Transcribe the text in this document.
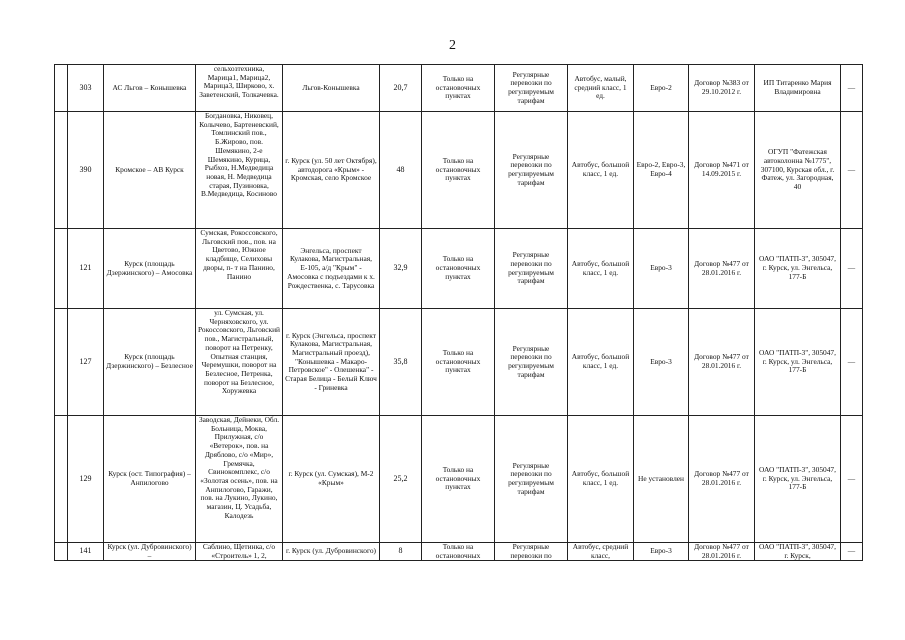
2
	303	АС Льгов – Конышевка	сельхозтехника, Марица1, Марица2, Марица3, Ширково, х. Заветенский, Толкачевка.	Льгов-Конышевка	20,7	Только на остановочных пунктах	Регулярные перевозки по регулируемым тарифам	Автобус, малый, средний класс, 1 ед.	Евро-2	Договор №383 от 29.10.2012 г.	ИП Титаренко Мария Владимировна	—
	390	Кромское – АВ Курск	Богдановка, Никовец, Колычево, Бартеневский, Томлинский пов., Б.Жирово, пов. Шемякино, 2-е Шемякино, Курица, Рыбхоз, Н.Медведица новая, Н. Медведица старая, Пузиновка, В.Медведица, Косиново	г. Курск (ул. 50 лет Октября), автодорога «Крым» - Кромская, село Кромское	48	Только на остановочных пунктах	Регулярные перевозки по регулируемым тарифам	Автобус, большой класс, 1 ед.	Евро-2, Евро-3, Евро-4	Договор №471 от 14.09.2015 г.	ОГУП "Фатежская автоколонна №1775", 307100, Курская обл., г. Фатеж, ул. Загородная, 40	—
	121	Курск (площадь Дзержинского) – Амосовка	Сумская, Рокоссовского, Льговский пов., пов. на Цветово, Южное кладбище, Селиховы дворы, п- т на Панино, Панино	Энгельса, проспект Кулакова, Магистральная, Е-105, а/д "Крым" - Амосовка с подъездами к х. Рождественка, с. Тарусовка	32,9	Только на остановочных пунктах	Регулярные перевозки по регулируемым тарифам	Автобус, большой класс, 1 ед.	Евро-3	Договор №477 от 28.01.2016 г.	ОАО "ПАТП-3", 305047, г. Курск, ул. Энгельса, 177-Б	—
	127	Курск (площадь Дзержинского) – Безлесное	ул. Сумская, ул. Черняховского, ул. Рокоссовского, Льговский пов., Магистральный, поворот на Петренку, Опытная станция, Черемушки, поворот на Безлесное, Петренка, поворот на Безлесное, Хоружевка	г. Курск (Энгельса, проспект Кулакова, Магистральная, Магистральный проезд), "Конышевка - Макаро-Петровское" - Олешенка" - Старая Белица - Белый Ключ - Гриневка	35,8	Только на остановочных пунктах	Регулярные перевозки по регулируемым тарифам	Автобус, большой класс, 1 ед.	Евро-3	Договор №477 от 28.01.2016 г.	ОАО "ПАТП-3", 305047, г. Курск, ул. Энгельса, 177-Б	—
	129	Курск (ост. Типография) – Анпилогово	Заводская, Дейнеки, Обл. Больница, Моква, Прилужная, с/о «Ветерок», пов. на Дряблово, с/о «Мир», Гремячка, Свинокомплекс, с/о «Золотая осень», пов. на Анпилогово, Гаражи, пов. на Лукино, Лукино, магазин, Ц. Усадьба, Калодезь	г. Курск (ул. Сумская), М-2 «Крым»	25,2	Только на остановочных пунктах	Регулярные перевозки по регулируемым тарифам	Автобус, большой класс, 1 ед.	Не установлен	Договор №477 от 28.01.2016 г.	ОАО "ПАТП-3", 305047, г. Курск, ул. Энгельса, 177-Б	—
	141	Курск (ул. Дубровинского) –	Саблино, Щетинка, с/о «Строитель» 1, 2,	г. Курск (ул. Дубровинского)	8	Только на остановочных	Регулярные перевозки по	Автобус, средний класс,	Евро-3	Договор №477 от 28.01.2016 г.	ОАО "ПАТП-3", 305047, г. Курск,	—
